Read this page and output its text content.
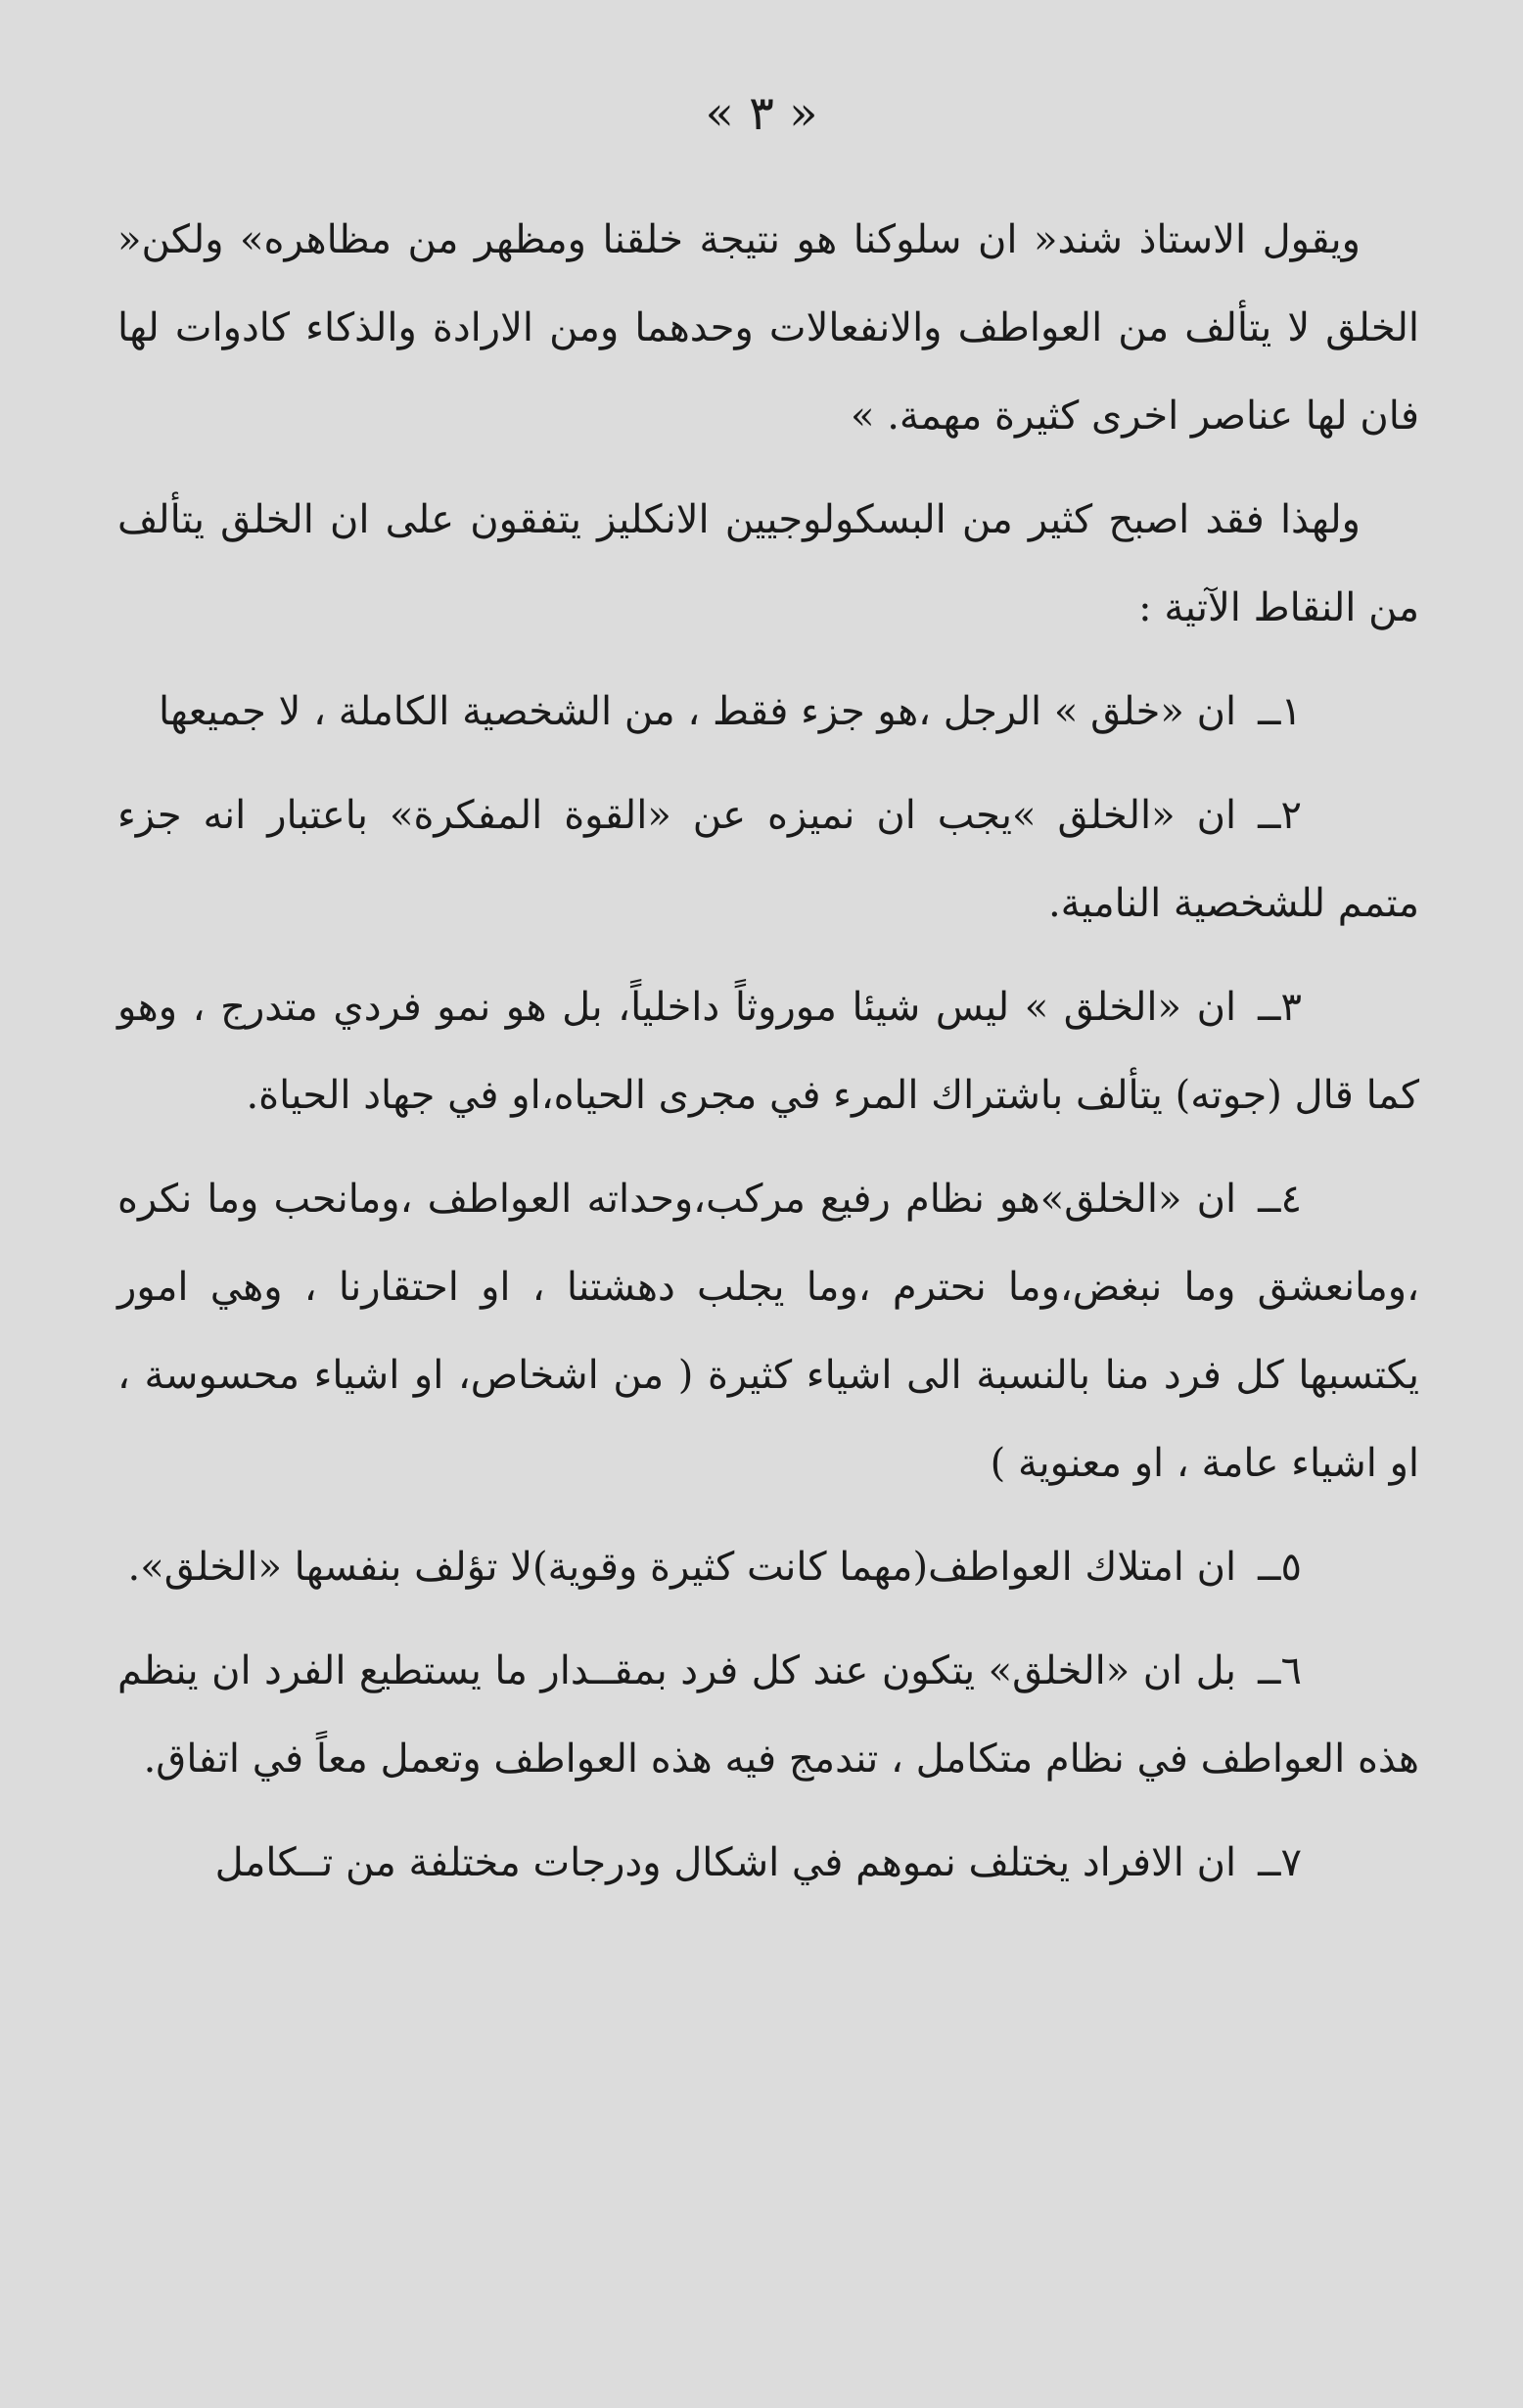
« ٣ »

ويقول الاستاذ شند« ان سلوكنا هو نتيجة خلقنا ومظهر من مظاهره» ولكن« الخلق لا يتألف من العواطف والانفعالات وحدهما ومن الارادة والذكاء كادوات لها فان لها عناصر اخرى كثيرة مهمة. »

ولهذا فقد اصبح كثير من البسكولوجيين الانكليز يتفقون على ان الخلق يتألف من النقاط الآتية :

١ــان «خلق » الرجل ،هو جزء فقط ، من الشخصية الكاملة ، لا جميعها

٢ــان «الخلق »يجب ان نميزه عن «القوة المفكرة» باعتبار انه جزء متمم للشخصية النامية.

٣ــان «الخلق » ليس شيئا موروثاً داخلياً، بل هو نمو فردي متدرج ، وهو كما قال (جوته) يتألف باشتراك المرء في مجرى الحياه،او في جهاد الحياة.

٤ــان «الخلق»هو نظام رفيع مركب،وحداته العواطف ،ومانحب وما نكره ،ومانعشق وما نبغض،وما نحترم ،وما يجلب دهشتنا ، او احتقارنا ، وهي امور يكتسبها كل فرد منا بالنسبة الى اشياء كثيرة ( من اشخاص، او اشياء محسوسة ، او اشياء عامة ، او معنوية )

٥ــان امتلاك العواطف(مهما كانت كثيرة وقوية)لا تؤلف بنفسها «الخلق».

٦ــبل ان «الخلق» يتكون عند كل فرد بمقــدار ما يستطيع الفرد ان ينظم هذه العواطف في نظام متكامل ، تندمج فيه هذه العواطف وتعمل معاً في اتفاق.

٧ــان الافراد يختلف نموهم في اشكال ودرجات مختلفة من تــكامل
